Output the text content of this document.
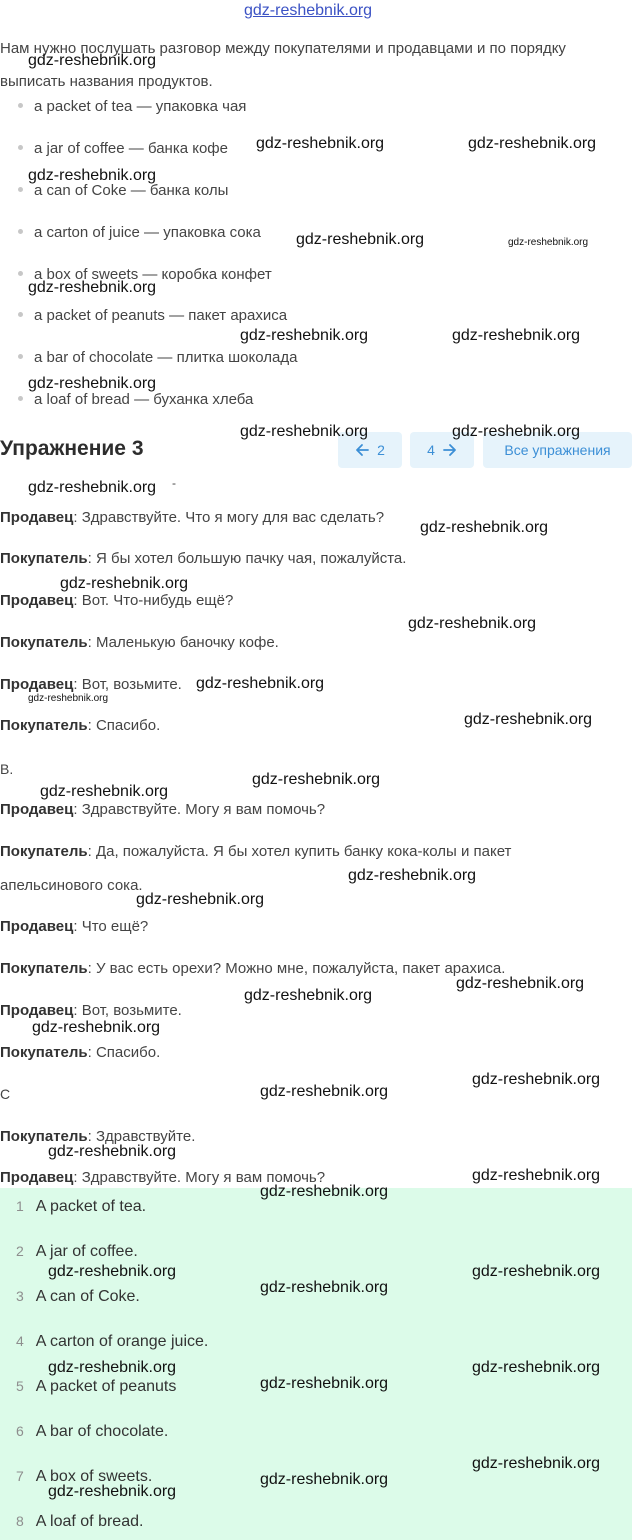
gdz-reshebnik.org
Нам нужно послушать разговор между покупателями и продавцами и по порядку выписать названия продуктов.
a packet of tea — упаковка чая
a jar of coffee — банка кофе
a can of Coke — банка колы
a carton of juice — упаковка сока
a box of sweets — коробка конфет
a packet of peanuts — пакет арахиса
a bar of chocolate — плитка шоколада
a loaf of bread — буханка хлеба
Упражнение 3	2	4	Все упражнения
-
Продавец: Здравствуйте. Что я могу для вас сделать?
Покупатель: Я бы хотел большую пачку чая, пожалуйста.
Продавец: Вот. Что-нибудь ещё?
Покупатель: Маленькую баночку кофе.
Продавец: Вот, возьмите.
Покупатель: Спасибо.
B.
Продавец: Здравствуйте. Могу я вам помочь?
Покупатель: Да, пожалуйста. Я бы хотел купить банку кока-колы и пакет
апельсинового сока.
Продавец: Что ещё?
Покупатель: У вас есть орехи? Можно мне, пожалуйста, пакет арахиса.
Продавец: Вот, возьмите.
Покупатель: Спасибо.
C
Покупатель: Здравствуйте.
Продавец: Здравствуйте. Могу я вам помочь?
1 A packet of tea.
2 A jar of coffee.
3 A can of Coke.
4 A carton of orange juice.
5 A packet of peanuts
6 A bar of chocolate.
7 A box of sweets.
8 A loaf of bread.
gdz-reshebnik.org
gdz-reshebnik.org	gdz-reshebnik.org
gdz-reshebnik.org
gdz-reshebnik.org	gdz-reshebnik.org
gdz-reshebnik.org
gdz-reshebnik.org	gdz-reshebnik.org
gdz-reshebnik.org
gdz-reshebnik.org	gdz-reshebnik.org
gdz-reshebnik.org
gdz-reshebnik.org
gdz-reshebnik.org
gdz-reshebnik.org
gdz-reshebnik.org
gdz-reshebnik.org
gdz-reshebnik.org
gdz-reshebnik.org
gdz-reshebnik.org
gdz-reshebnik.org
gdz-reshebnik.org
gdz-reshebnik.org
gdz-reshebnik.org
gdz-reshebnik.org
gdz-reshebnik.org
gdz-reshebnik.org
gdz-reshebnik.org
gdz-reshebnik.org
gdz-reshebnik.org
gdz-reshebnik.org	gdz-reshebnik.org
gdz-reshebnik.org
gdz-reshebnik.org	gdz-reshebnik.org
gdz-reshebnik.org
gdz-reshebnik.org
gdz-reshebnik.org
gdz-reshebnik.org
